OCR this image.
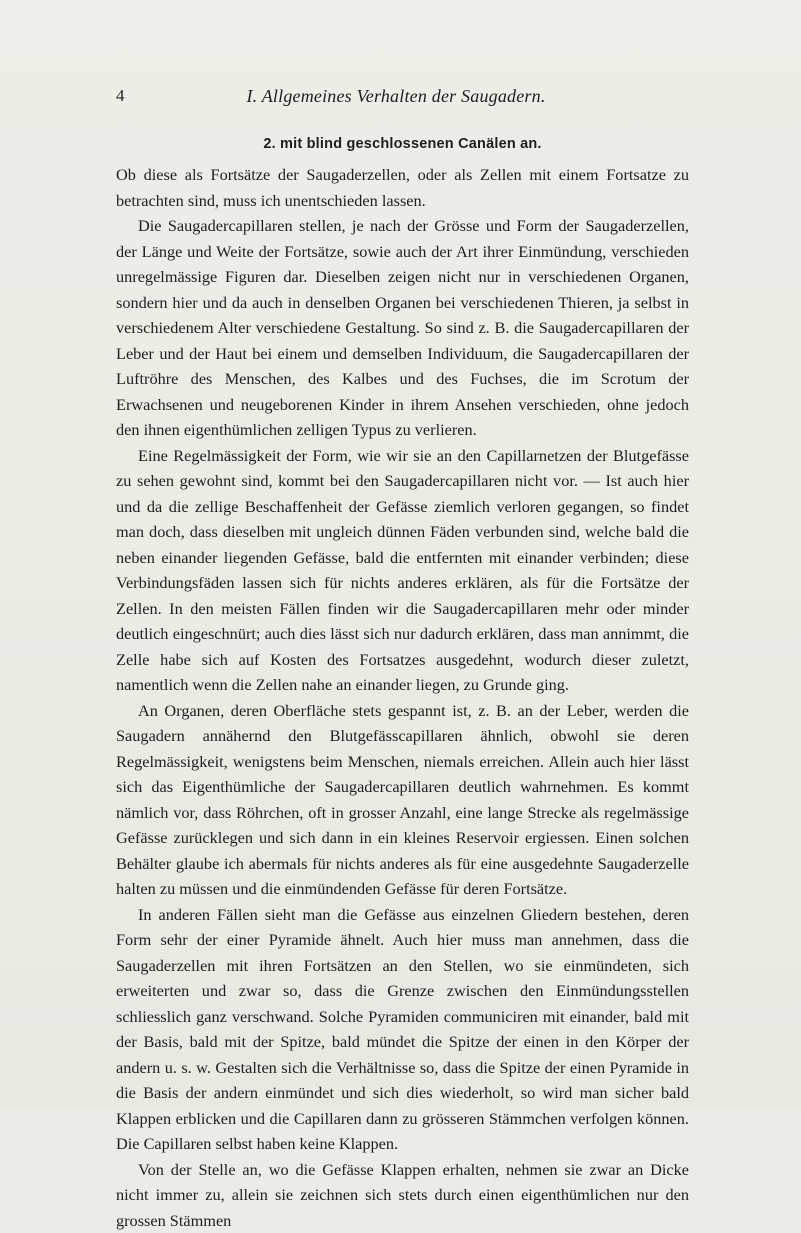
4	I. Allgemeines Verhalten der Saugadern.
2. mit blind geschlossenen Canälen an.

Ob diese als Fortsätze der Saugaderzellen, oder als Zellen mit einem Fortsatze zu betrachten sind, muss ich unentschieden lassen.

Die Saugadercapillaren stellen, je nach der Grösse und Form der Saugaderzellen, der Länge und Weite der Fortsätze, sowie auch der Art ihrer Einmündung, verschieden unregelmässige Figuren dar. Dieselben zeigen nicht nur in verschiedenen Organen, sondern hier und da auch in denselben Organen bei verschiedenen Thieren, ja selbst in verschiedenem Alter verschiedene Gestaltung. So sind z. B. die Saugadercapillaren der Leber und der Haut bei einem und demselben Individuum, die Saugadercapillaren der Luftröhre des Menschen, des Kalbes und des Fuchses, die im Scrotum der Erwachsenen und neugeborenen Kinder in ihrem Ansehen verschieden, ohne jedoch den ihnen eigenthümlichen zelligen Typus zu verlieren.

Eine Regelmässigkeit der Form, wie wir sie an den Capillarnetzen der Blutgefässe zu sehen gewohnt sind, kommt bei den Saugadercapillaren nicht vor. — Ist auch hier und da die zellige Beschaffenheit der Gefässe ziemlich verloren gegangen, so findet man doch, dass dieselben mit ungleich dünnen Fäden verbunden sind, welche bald die neben einander liegenden Gefässe, bald die entfernten mit einander verbinden; diese Verbindungsfäden lassen sich für nichts anderes erklären, als für die Fortsätze der Zellen. In den meisten Fällen finden wir die Saugadercapillaren mehr oder minder deutlich eingeschnürt; auch dies lässt sich nur dadurch erklären, dass man annimmt, die Zelle habe sich auf Kosten des Fortsatzes ausgedehnt, wodurch dieser zuletzt, namentlich wenn die Zellen nahe an einander liegen, zu Grunde ging.

An Organen, deren Oberfläche stets gespannt ist, z. B. an der Leber, werden die Saugadern annähernd den Blutgefässcapillaren ähnlich, obwohl sie deren Regelmässigkeit, wenigstens beim Menschen, niemals erreichen. Allein auch hier lässt sich das Eigenthümliche der Saugadercapillaren deutlich wahrnehmen. Es kommt nämlich vor, dass Röhrchen, oft in grosser Anzahl, eine lange Strecke als regelmässige Gefässe zurücklegen und sich dann in ein kleines Reservoir ergiessen. Einen solchen Behälter glaube ich abermals für nichts anderes als für eine ausgedehnte Saugaderzelle halten zu müssen und die einmündenden Gefässe für deren Fortsätze.

In anderen Fällen sieht man die Gefässe aus einzelnen Gliedern bestehen, deren Form sehr der einer Pyramide ähnelt. Auch hier muss man annehmen, dass die Saugaderzellen mit ihren Fortsätzen an den Stellen, wo sie einmündeten, sich erweiterten und zwar so, dass die Grenze zwischen den Einmündungsstellen schliesslich ganz verschwand. Solche Pyramiden communiciren mit einander, bald mit der Basis, bald mit der Spitze, bald mündet die Spitze der einen in den Körper der andern u. s. w. Gestalten sich die Verhältnisse so, dass die Spitze der einen Pyramide in die Basis der andern einmündet und sich dies wiederholt, so wird man sicher bald Klappen erblicken und die Capillaren dann zu grösseren Stämmchen verfolgen können. Die Capillaren selbst haben keine Klappen.

Von der Stelle an, wo die Gefässe Klappen erhalten, nehmen sie zwar an Dicke nicht immer zu, allein sie zeichnen sich stets durch einen eigenthümlichen nur den grossen Stämmen
